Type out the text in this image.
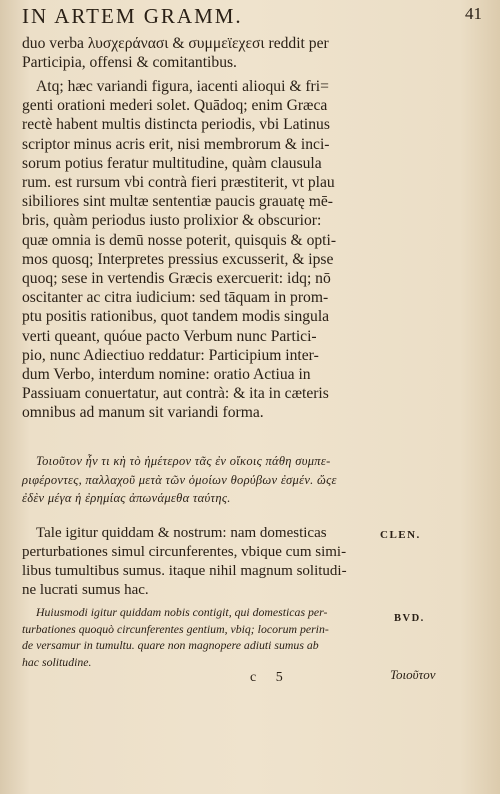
IN ARTEM GRAMM.	41

duo verba λυσχεράνασι & συμμεϊεχεσι reddit per

Participia, offensi & comitantibus.

Atq; hæc variandi figura, iacenti alioqui & fri=

genti orationi mederi solet. Quādoq; enim Græca

rectè habent multis distincta periodis, vbi Latinus

scriptor minus acris erit, nisi membrorum & inci-

sorum potius feratur multitudine, quàm clausula

rum. est rursum vbi contrà fieri præstiterit, vt plau

sibiliores sint multæ sententiæ paucis grauatę mē-

bris, quàm periodus iusto prolixior & obscurior:

quæ omnia is demū nosse poterit, quisquis & opti-

mos quosq; Interpretes pressius excusserit, & ipse

quoq; sese in vertendis Græcis exercuerit: idq; nō

oscitanter ac citra iudicium: sed tāquam in prom-

ptu positis rationibus, quot tandem modis singula

verti queant, quóue pacto Verbum nunc Partici-

pio, nunc Adiectiuo reddatur: Participium inter-

dum Verbo, interdum nomine: oratio Actiua in

Passiuam conuertatur, aut contrà: & ita in cæteris

omnibus ad manum sit variandi forma.

Τοιοῦτον ἦν τι κὴ τὸ ἡμέτερον τᾶς ἐν οἴκοις πάθη συμπε-
ριφέροντες, παλλαχοῦ μετὰ τῶν ὁμοίων θορύβων ἐσμέν. ὥςε
ἐδὲν μέγα ἡ ἐρημίας ἀπωνάμεθα ταύτης.

Tale igitur quiddam & nostrum: nam domesticas

perturbationes simul circunferentes, vbique cum simi-

libus tumultibus sumus. itaque nihil magnum solitudi-

ne lucrati sumus hac.

CLEN.
Huiusmodi igitur quiddam nobis contigit, qui domesticas per-
turbationes quoquò circunferentes gentium, vbiq; locorum perin-
de versamur in tumultu. quare non magnopere adiuti sumus ab
hac solitudine.
BVD.
c 5	Τοιοῦτον
